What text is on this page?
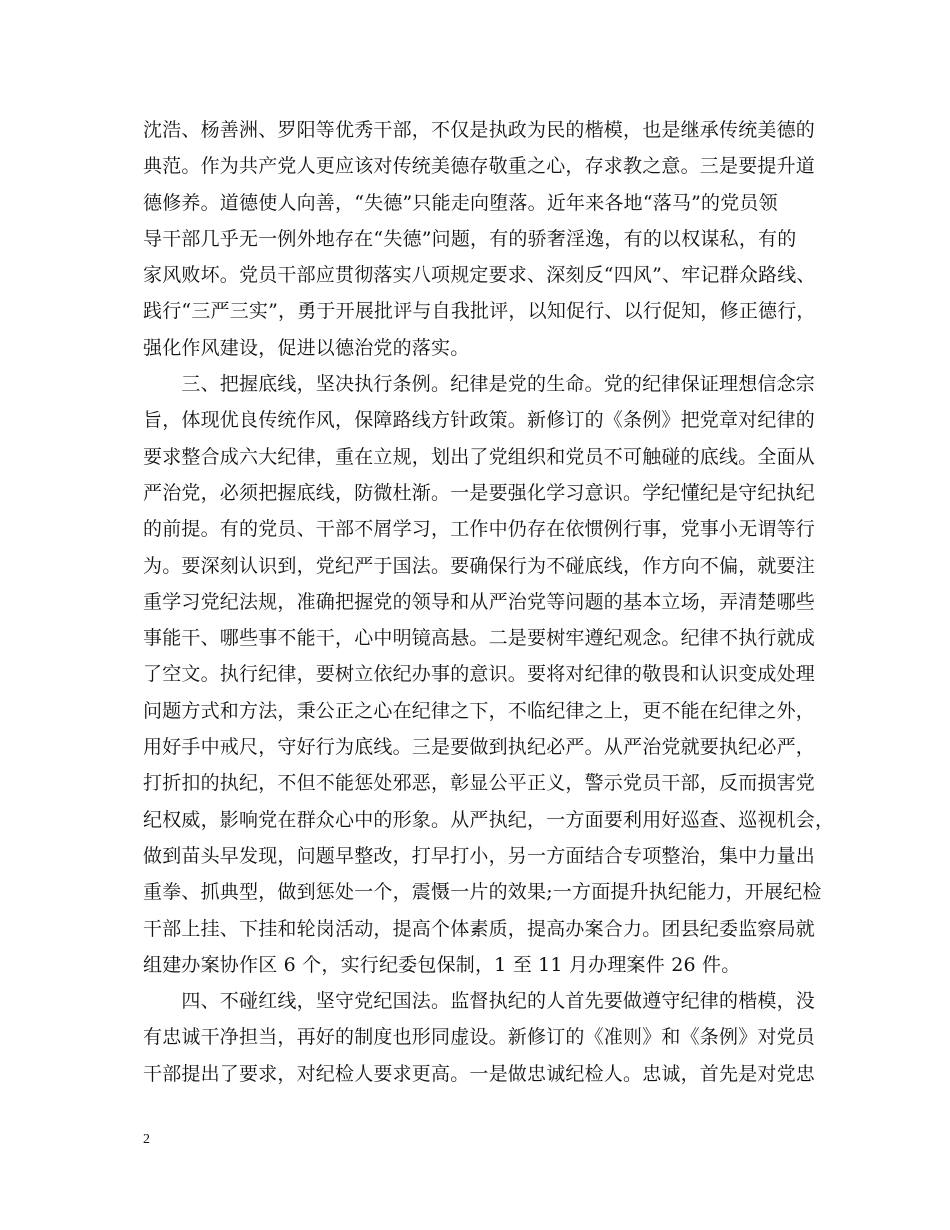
沈浩、杨善洲、罗阳等优秀干部，不仅是执政为民的楷模，也是继承传统美德的
典范。作为共产党人更应该对传统美德存敬重之心，存求教之意。三是要提升道
德修养。道德使人向善，“失德”只能走向堕落。近年来各地“落马”的党员领
导干部几乎无一例外地存在“失德”问题，有的骄奢淫逸，有的以权谋私，有的
家风败坏。党员干部应贯彻落实八项规定要求、深刻反“四风”、牢记群众路线、
践行“三严三实”，勇于开展批评与自我批评，以知促行、以行促知，修正德行，
强化作风建设，促进以德治党的落实。
　　三、把握底线，坚决执行条例。纪律是党的生命。党的纪律保证理想信念宗
旨，体现优良传统作风，保障路线方针政策。新修订的《条例》把党章对纪律的
要求整合成六大纪律，重在立规，划出了党组织和党员不可触碰的底线。全面从
严治党，必须把握底线，防微杜渐。一是要强化学习意识。学纪懂纪是守纪执纪
的前提。有的党员、干部不屑学习，工作中仍存在依惯例行事，党事小无谓等行
为。要深刻认识到，党纪严于国法。要确保行为不碰底线，作方向不偏，就要注
重学习党纪法规，准确把握党的领导和从严治党等问题的基本立场，弄清楚哪些
事能干、哪些事不能干，心中明镜高悬。二是要树牢遵纪观念。纪律不执行就成
了空文。执行纪律，要树立依纪办事的意识。要将对纪律的敬畏和认识变成处理
问题方式和方法，秉公正之心在纪律之下，不临纪律之上，更不能在纪律之外，
用好手中戒尺，守好行为底线。三是要做到执纪必严。从严治党就要执纪必严，
打折扣的执纪，不但不能惩处邪恶，彰显公平正义，警示党员干部，反而损害党
纪权威，影响党在群众心中的形象。从严执纪，一方面要利用好巡查、巡视机会，
做到苗头早发现，问题早整改，打早打小，另一方面结合专项整治，集中力量出
重拳、抓典型，做到惩处一个，震慑一片的效果;一方面提升执纪能力，开展纪检
干部上挂、下挂和轮岗活动，提高个体素质，提高办案合力。团县纪委监察局就
组建办案协作区 6 个，实行纪委包保制，1 至 11 月办理案件 26 件。
　　四、不碰红线，坚守党纪国法。监督执纪的人首先要做遵守纪律的楷模，没
有忠诚干净担当，再好的制度也形同虚设。新修订的《准则》和《条例》对党员
干部提出了要求，对纪检人要求更高。一是做忠诚纪检人。忠诚，首先是对党忠
2
